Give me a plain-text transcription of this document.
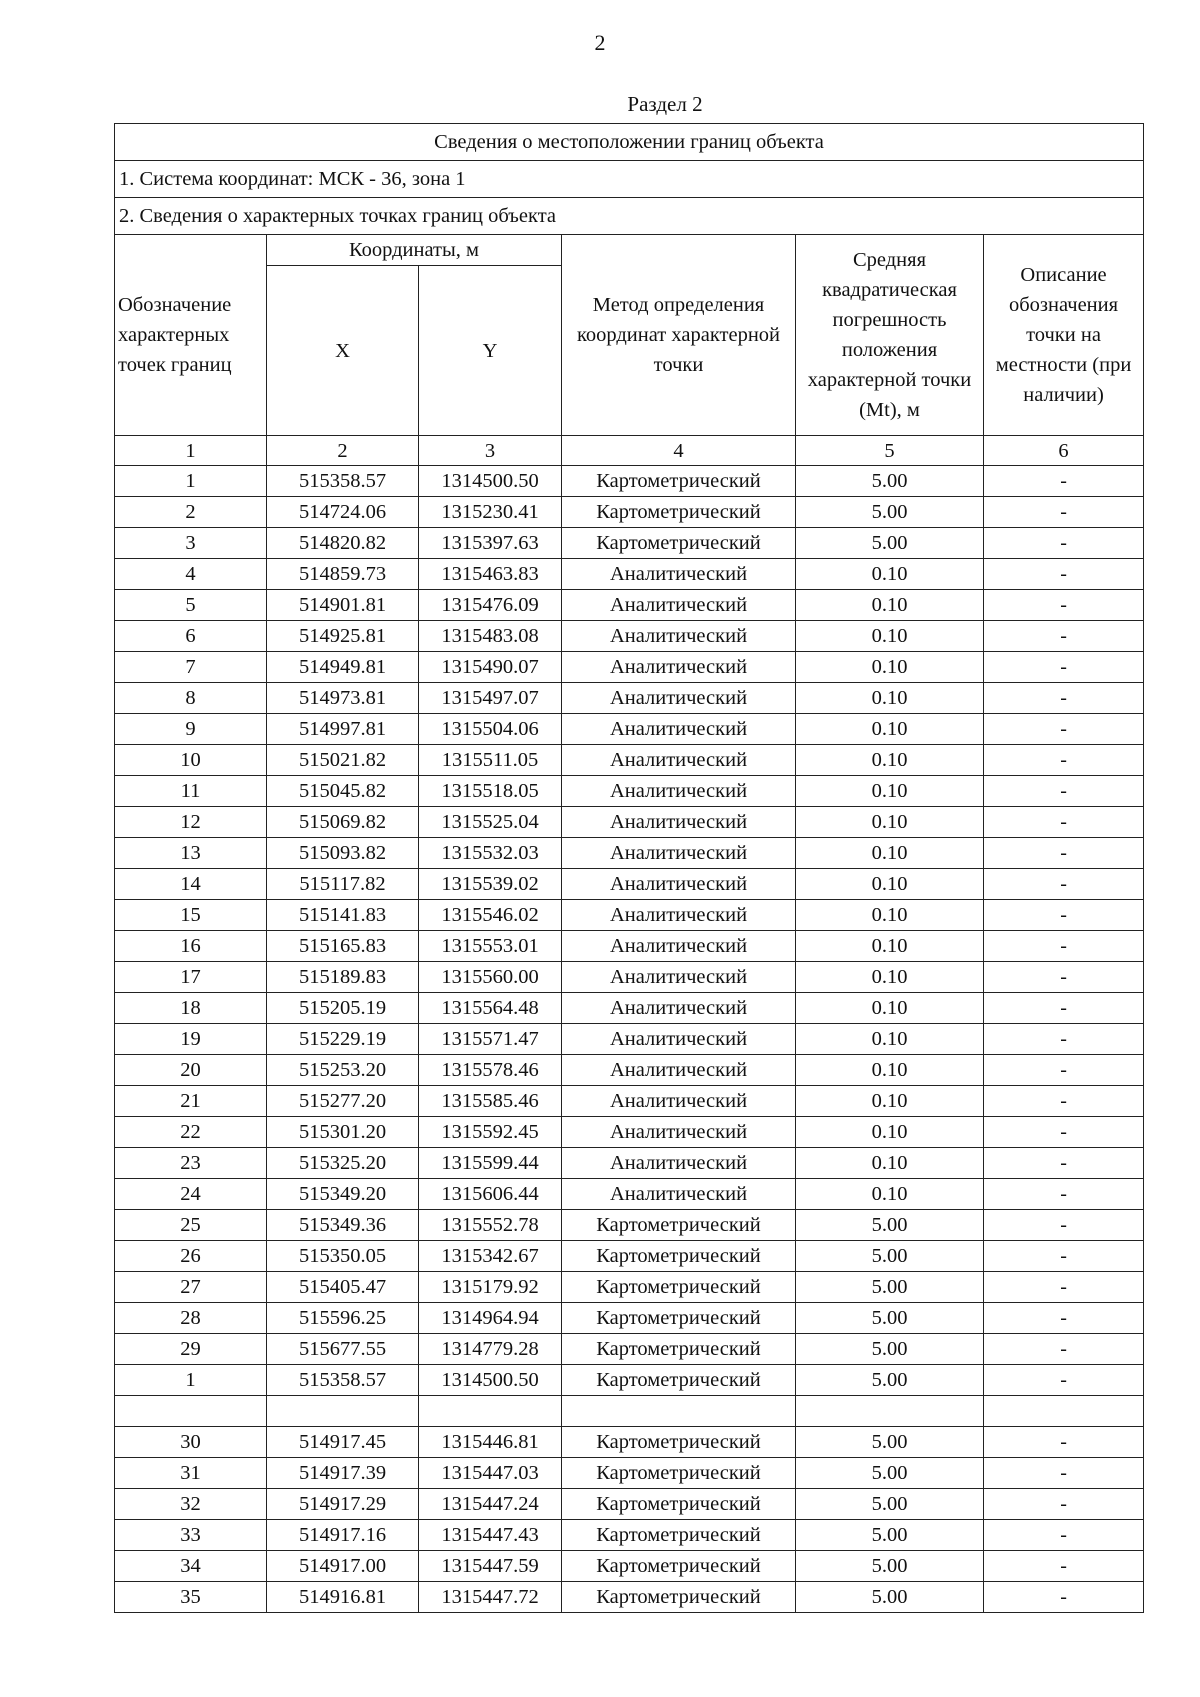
2
Раздел 2
Сведения о местоположении границ объекта					
1. Система координат: МСК - 36, зона 1					
2. Сведения о характерных точках границ объекта					
Обозначение характерных точек границ	Координаты, м		Метод определения координат характерной точки	Средняя квадратическая погрешность положения характерной точки (Mt), м	Описание обозначения точки на местности (при наличии)
	X	Y			
1	2	3	4	5	6
1	515358.57	1314500.50	Картометрический	5.00	-
2	514724.06	1315230.41	Картометрический	5.00	-
3	514820.82	1315397.63	Картометрический	5.00	-
4	514859.73	1315463.83	Аналитический	0.10	-
5	514901.81	1315476.09	Аналитический	0.10	-
6	514925.81	1315483.08	Аналитический	0.10	-
7	514949.81	1315490.07	Аналитический	0.10	-
8	514973.81	1315497.07	Аналитический	0.10	-
9	514997.81	1315504.06	Аналитический	0.10	-
10	515021.82	1315511.05	Аналитический	0.10	-
11	515045.82	1315518.05	Аналитический	0.10	-
12	515069.82	1315525.04	Аналитический	0.10	-
13	515093.82	1315532.03	Аналитический	0.10	-
14	515117.82	1315539.02	Аналитический	0.10	-
15	515141.83	1315546.02	Аналитический	0.10	-
16	515165.83	1315553.01	Аналитический	0.10	-
17	515189.83	1315560.00	Аналитический	0.10	-
18	515205.19	1315564.48	Аналитический	0.10	-
19	515229.19	1315571.47	Аналитический	0.10	-
20	515253.20	1315578.46	Аналитический	0.10	-
21	515277.20	1315585.46	Аналитический	0.10	-
22	515301.20	1315592.45	Аналитический	0.10	-
23	515325.20	1315599.44	Аналитический	0.10	-
24	515349.20	1315606.44	Аналитический	0.10	-
25	515349.36	1315552.78	Картометрический	5.00	-
26	515350.05	1315342.67	Картометрический	5.00	-
27	515405.47	1315179.92	Картометрический	5.00	-
28	515596.25	1314964.94	Картометрический	5.00	-
29	515677.55	1314779.28	Картометрический	5.00	-
1	515358.57	1314500.50	Картометрический	5.00	-

30	514917.45	1315446.81	Картометрический	5.00	-
31	514917.39	1315447.03	Картометрический	5.00	-
32	514917.29	1315447.24	Картометрический	5.00	-
33	514917.16	1315447.43	Картометрический	5.00	-
34	514917.00	1315447.59	Картометрический	5.00	-
35	514916.81	1315447.72	Картометрический	5.00	-
